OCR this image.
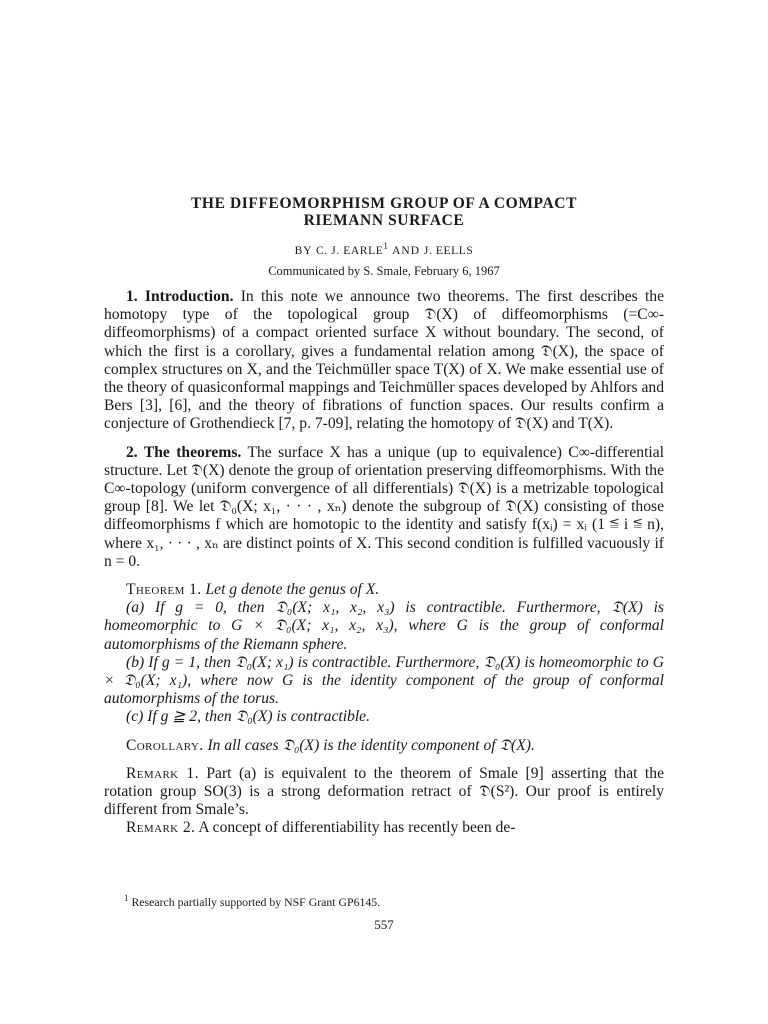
THE DIFFEOMORPHISM GROUP OF A COMPACT
RIEMANN SURFACE
BY C. J. EARLE$^1$ AND J. EELLS
Communicated by S. Smale, February 6, 1967

1. Introduction. In this note we announce two theorems. The first describes the homotopy type of the topological group 𝔇(X) of diffeomorphisms (=C∞-diffeomorphisms) of a compact oriented surface X without boundary. The second, of which the first is a corollary, gives a fundamental relation among 𝔇(X), the space of complex structures on X, and the Teichmüller space T(X) of X. We make essential use of the theory of quasiconformal mappings and Teichmüller spaces developed by Ahlfors and Bers [3], [6], and the theory of fibrations of function spaces. Our results confirm a conjecture of Grothendieck [7, p. 7-09], relating the homotopy of 𝔇(X) and T(X).

2. The theorems. The surface X has a unique (up to equivalence) C∞-differential structure. Let 𝔇(X) denote the group of orientation preserving diffeomorphisms. With the C∞-topology (uniform convergence of all differentials) 𝔇(X) is a metrizable topological group [8]. We let 𝔇₀(X; x₁, · · · , xₙ) denote the subgroup of 𝔇(X) consisting of those diffeomorphisms f which are homotopic to the identity and satisfy f(xᵢ) = xᵢ (1 ≦ i ≦ n), where x₁, · · · , xₙ are distinct points of X. This second condition is fulfilled vacuously if n = 0.

Theorem 1. Let g denote the genus of X.

(a) If g = 0, then 𝔇₀(X; x₁, x₂, x₃) is contractible. Furthermore, 𝔇(X) is homeomorphic to G × 𝔇₀(X; x₁, x₂, x₃), where G is the group of conformal automorphisms of the Riemann sphere.

(b) If g = 1, then 𝔇₀(X; x₁) is contractible. Furthermore, 𝔇₀(X) is homeomorphic to G × 𝔇₀(X; x₁), where now G is the identity component of the group of conformal automorphisms of the torus.

(c) If g ≧ 2, then 𝔇₀(X) is contractible.

Corollary. In all cases 𝔇₀(X) is the identity component of 𝔇(X).

Remark 1. Part (a) is equivalent to the theorem of Smale [9] asserting that the rotation group SO(3) is a strong deformation retract of 𝔇(S²). Our proof is entirely different from Smale’s.

Remark 2. A concept of differentiability has recently been de-

$^1$ Research partially supported by NSF Grant GP6145.
557
